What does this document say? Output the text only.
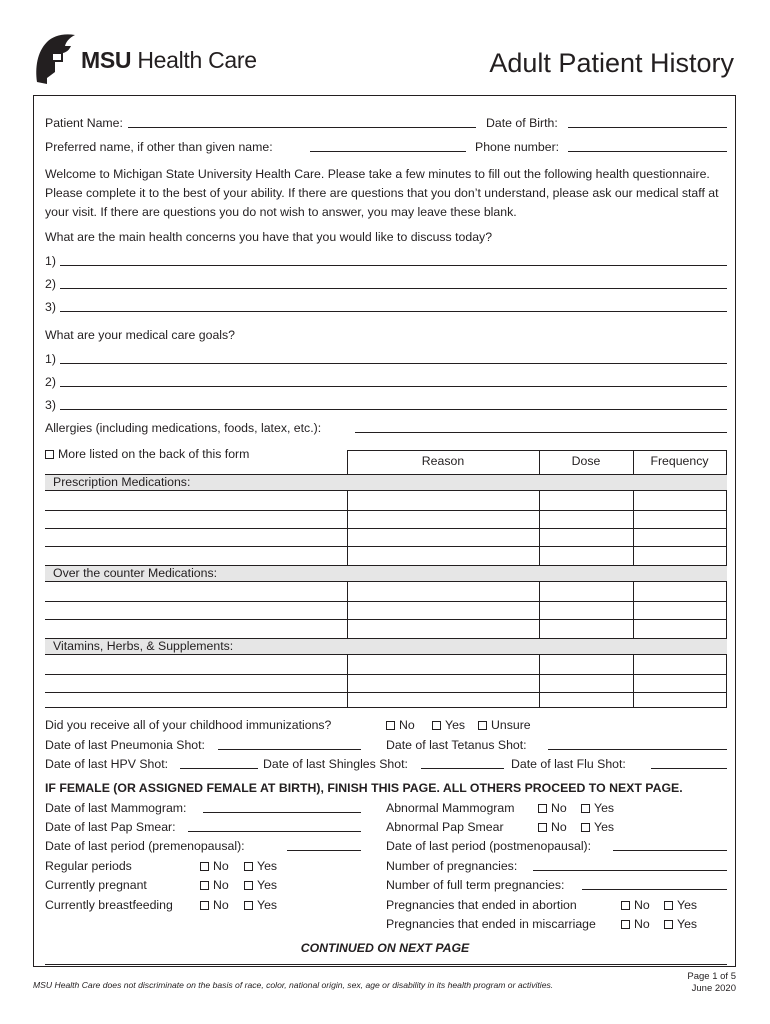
MSU Health Care	Adult Patient History
Patient Name:	Date of Birth:
Preferred name, if other than given name:	Phone number:
Welcome to Michigan State University Health Care. Please take a few minutes to fill out the following health questionnaire. Please complete it to the best of your ability. If there are questions that you don’t understand, please ask our medical staff at your visit. If there are questions you do not wish to answer, you may leave these blank.
What are the main health concerns you have that you would like to discuss today?
1)
2)
3)
What are your medical care goals?
1)
2)
3)
Allergies (including medications, foods, latex, etc.):
More listed on the back of this form	Reason	Dose	Frequency
Prescription Medications:
Over the counter Medications:
Vitamins, Herbs, & Supplements:
Did you receive all of your childhood immunizations?	No	Yes	Unsure
Date of last Pneumonia Shot:	Date of last Tetanus Shot:
Date of last HPV Shot:	Date of last Shingles Shot:	Date of last Flu Shot:
IF FEMALE (OR ASSIGNED FEMALE AT BIRTH), FINISH THIS PAGE. ALL OTHERS PROCEED TO NEXT PAGE.
Date of last Mammogram:	Abnormal Mammogram	No	Yes
Date of last Pap Smear:	Abnormal Pap Smear	No	Yes
Date of last period (premenopausal):	Date of last period (postmenopausal):
Regular periods	No	Yes	Number of pregnancies:
Currently pregnant	No	Yes	Number of full term pregnancies:
Currently breastfeeding	No	Yes	Pregnancies that ended in abortion	No	Yes
Pregnancies that ended in miscarriage	No	Yes
CONTINUED ON NEXT PAGE
MSU Health Care does not discriminate on the basis of race, color, national origin, sex, age or disability in its health program or activities.
Page 1 of 5
June 2020
